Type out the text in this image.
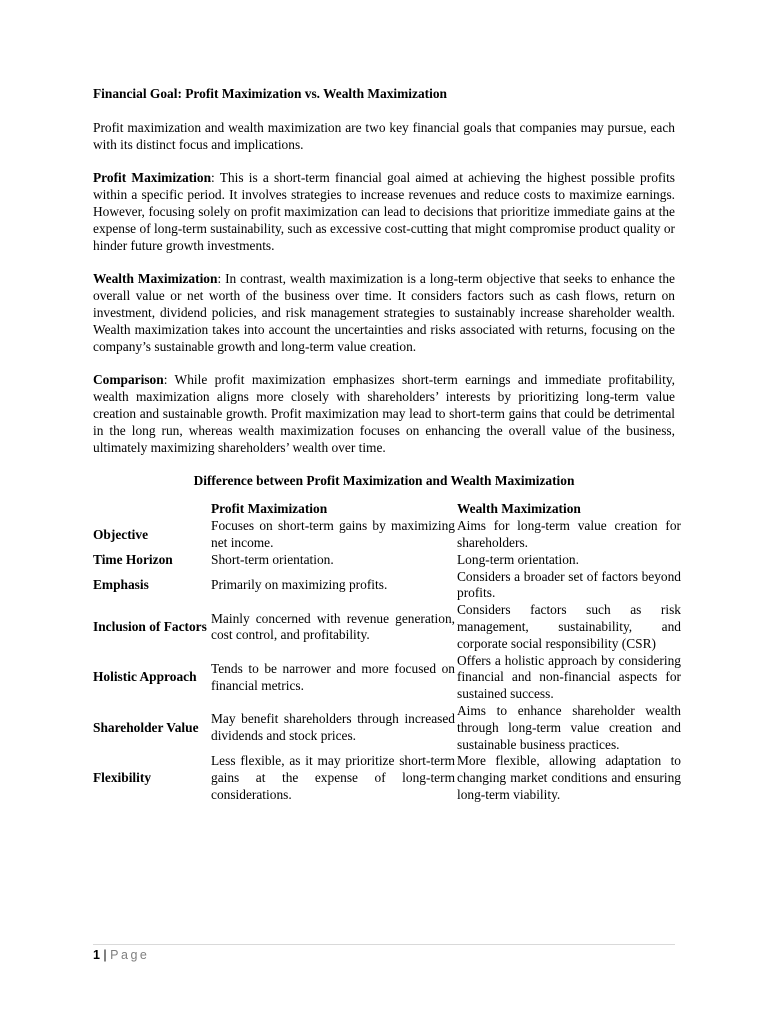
Financial Goal: Profit Maximization vs. Wealth Maximization

Profit maximization and wealth maximization are two key financial goals that companies may pursue, each with its distinct focus and implications.

Profit Maximization: This is a short-term financial goal aimed at achieving the highest possible profits within a specific period. It involves strategies to increase revenues and reduce costs to maximize earnings. However, focusing solely on profit maximization can lead to decisions that prioritize immediate gains at the expense of long-term sustainability, such as excessive cost-cutting that might compromise product quality or hinder future growth investments.

Wealth Maximization: In contrast, wealth maximization is a long-term objective that seeks to enhance the overall value or net worth of the business over time. It considers factors such as cash flows, return on investment, dividend policies, and risk management strategies to sustainably increase shareholder wealth. Wealth maximization takes into account the uncertainties and risks associated with returns, focusing on the company’s sustainable growth and long-term value creation.

Comparison: While profit maximization emphasizes short-term earnings and immediate profitability, wealth maximization aligns more closely with shareholders’ interests by prioritizing long-term value creation and sustainable growth. Profit maximization may lead to short-term gains that could be detrimental in the long run, whereas wealth maximization focuses on enhancing the overall value of the business, ultimately maximizing shareholders’ wealth over time.

Difference between Profit Maximization and Wealth Maximization
	Profit Maximization	Wealth Maximization
Objective	Focuses on short-term gains by maximizing net income.	Aims for long-term value creation for shareholders.
Time Horizon	Short-term orientation.	Long-term orientation.
Emphasis	Primarily on maximizing profits.	Considers a broader set of factors beyond profits.
Inclusion of Factors	Mainly concerned with revenue generation, cost control, and profitability.	Considers factors such as risk management, sustainability, and corporate social responsibility (CSR)
Holistic Approach	Tends to be narrower and more focused on financial metrics.	Offers a holistic approach by considering financial and non-financial aspects for sustained success.
Shareholder Value	May benefit shareholders through increased dividends and stock prices.	Aims to enhance shareholder wealth through long-term value creation and sustainable business practices.
Flexibility	Less flexible, as it may prioritize short-term gains at the expense of long-term considerations.	More flexible, allowing adaptation to changing market conditions and ensuring long-term viability.
1 | Page
